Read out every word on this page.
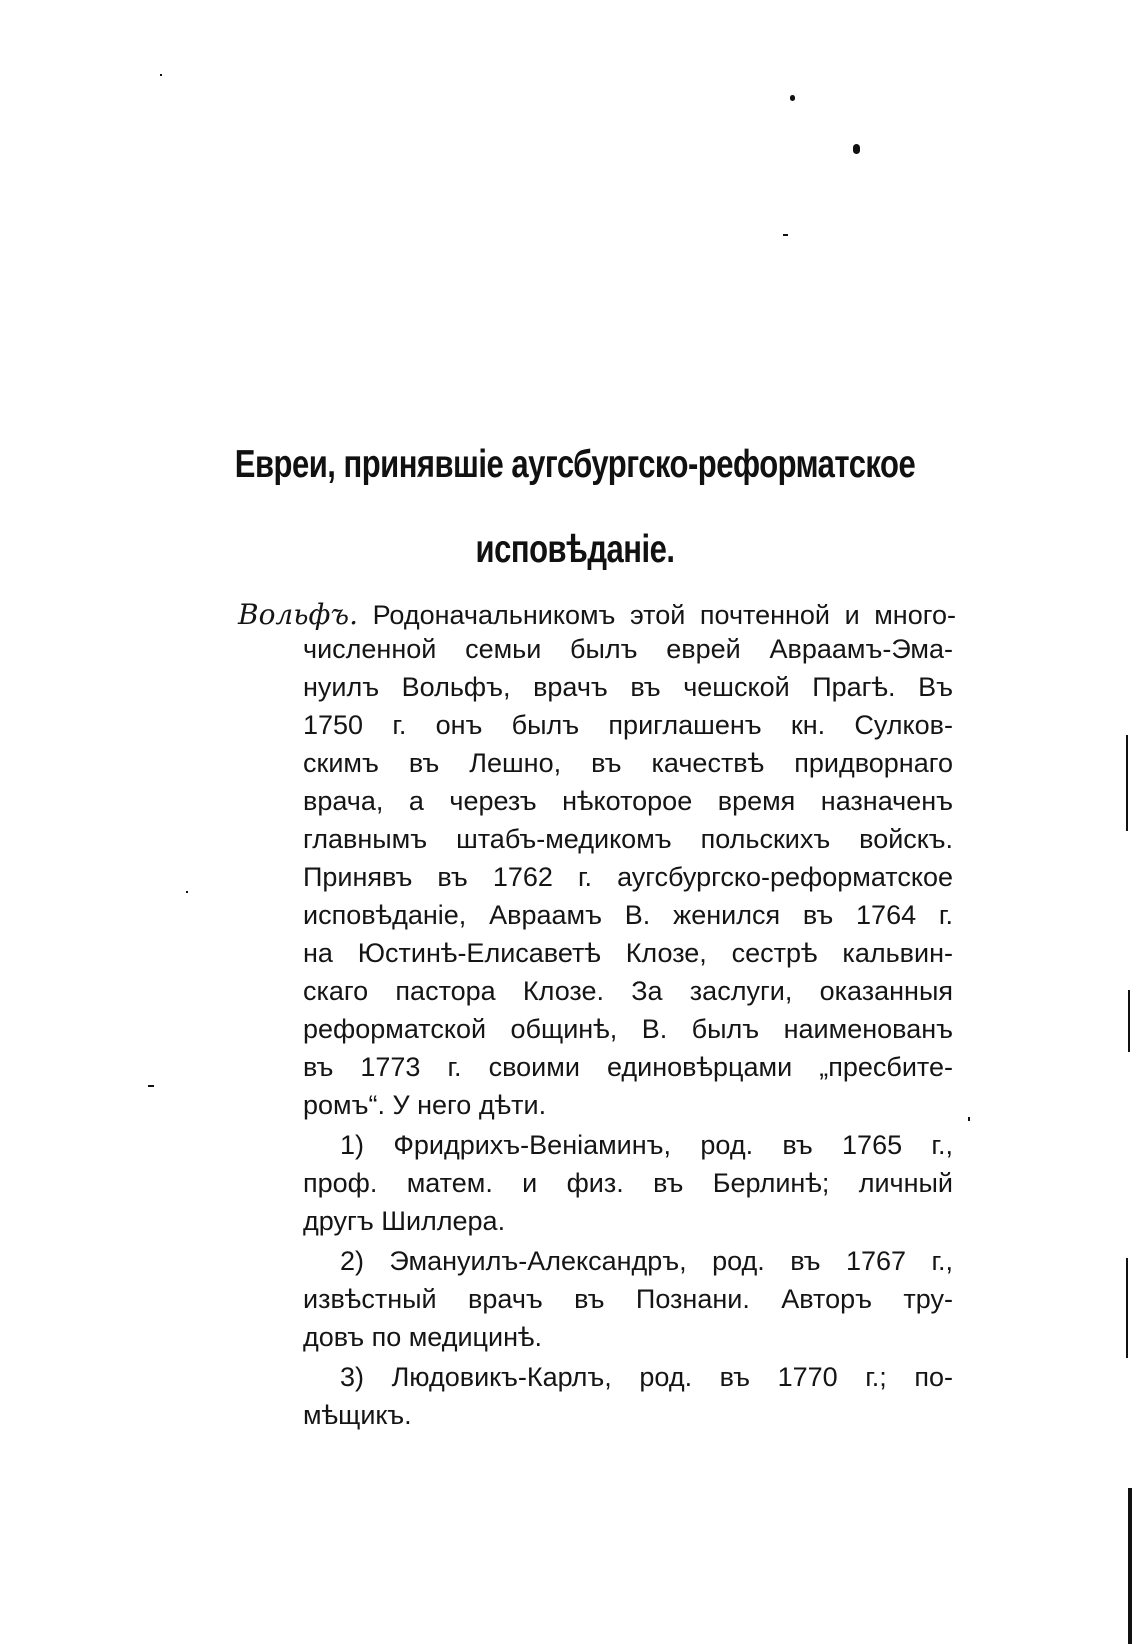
Евреи, принявшіе аугсбургско-реформатское
исповѣданіе.
Вольфъ. Родоначальникомъ этой почтенной и много-
численной семьи былъ еврей Авраамъ-Эма-
нуилъ Вольфъ, врачъ въ чешской Прагѣ. Въ
1750 г. онъ былъ приглашенъ кн. Сулков-
скимъ въ Лешно, въ качествѣ придворнаго
врача, а черезъ нѣкоторое время назначенъ
главнымъ штабъ-медикомъ польскихъ войскъ.
Принявъ въ 1762 г. аугсбургско-реформатское
исповѣданіе, Авраамъ В. женился въ 1764 г.
на Юстинѣ-Елисаветѣ Клозе, сестрѣ кальвин-
скаго пастора Клозе. За заслуги, оказанныя
реформатской общинѣ, В. былъ наименованъ
въ 1773 г. своими единовѣрцами „пресбите-
ромъ“. У него дѣти.
1) Фридрихъ-Веніаминъ, род. въ 1765 г.,
проф. матем. и физ. въ Берлинѣ; личный
другъ Шиллера.
2) Эмануилъ-Александръ, род. въ 1767 г.,
извѣстный врачъ въ Познани. Авторъ тру-
довъ по медицинѣ.
3) Людовикъ-Карлъ, род. въ 1770 г.; по-
мѣщикъ.
